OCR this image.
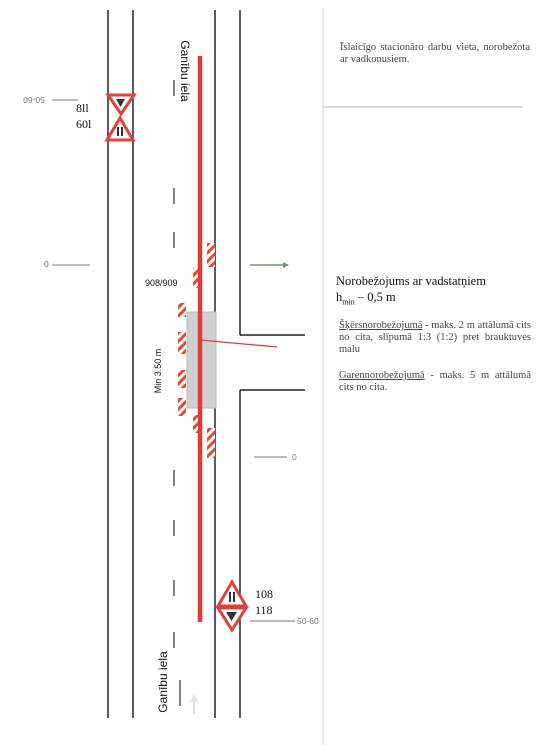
Ganību iela
Ganību iela
8ll
60l
108
118
50-60
50-60
0
0
908/909
Min 3.50 m
Īslaicīgo stacionāro darbu vieta, norobežota ar vadkonusiem.
Norobežojums ar vadstatņiem
$h_{min} - 0,5$ m
Šķērsnorobežojumā - maks. 2 m attālumā cits no cita, slīpumā 1:3 (1:2) pret brauktuves malu
Garennorobežojumā - maks. 5 m attālumā cits no cita.
